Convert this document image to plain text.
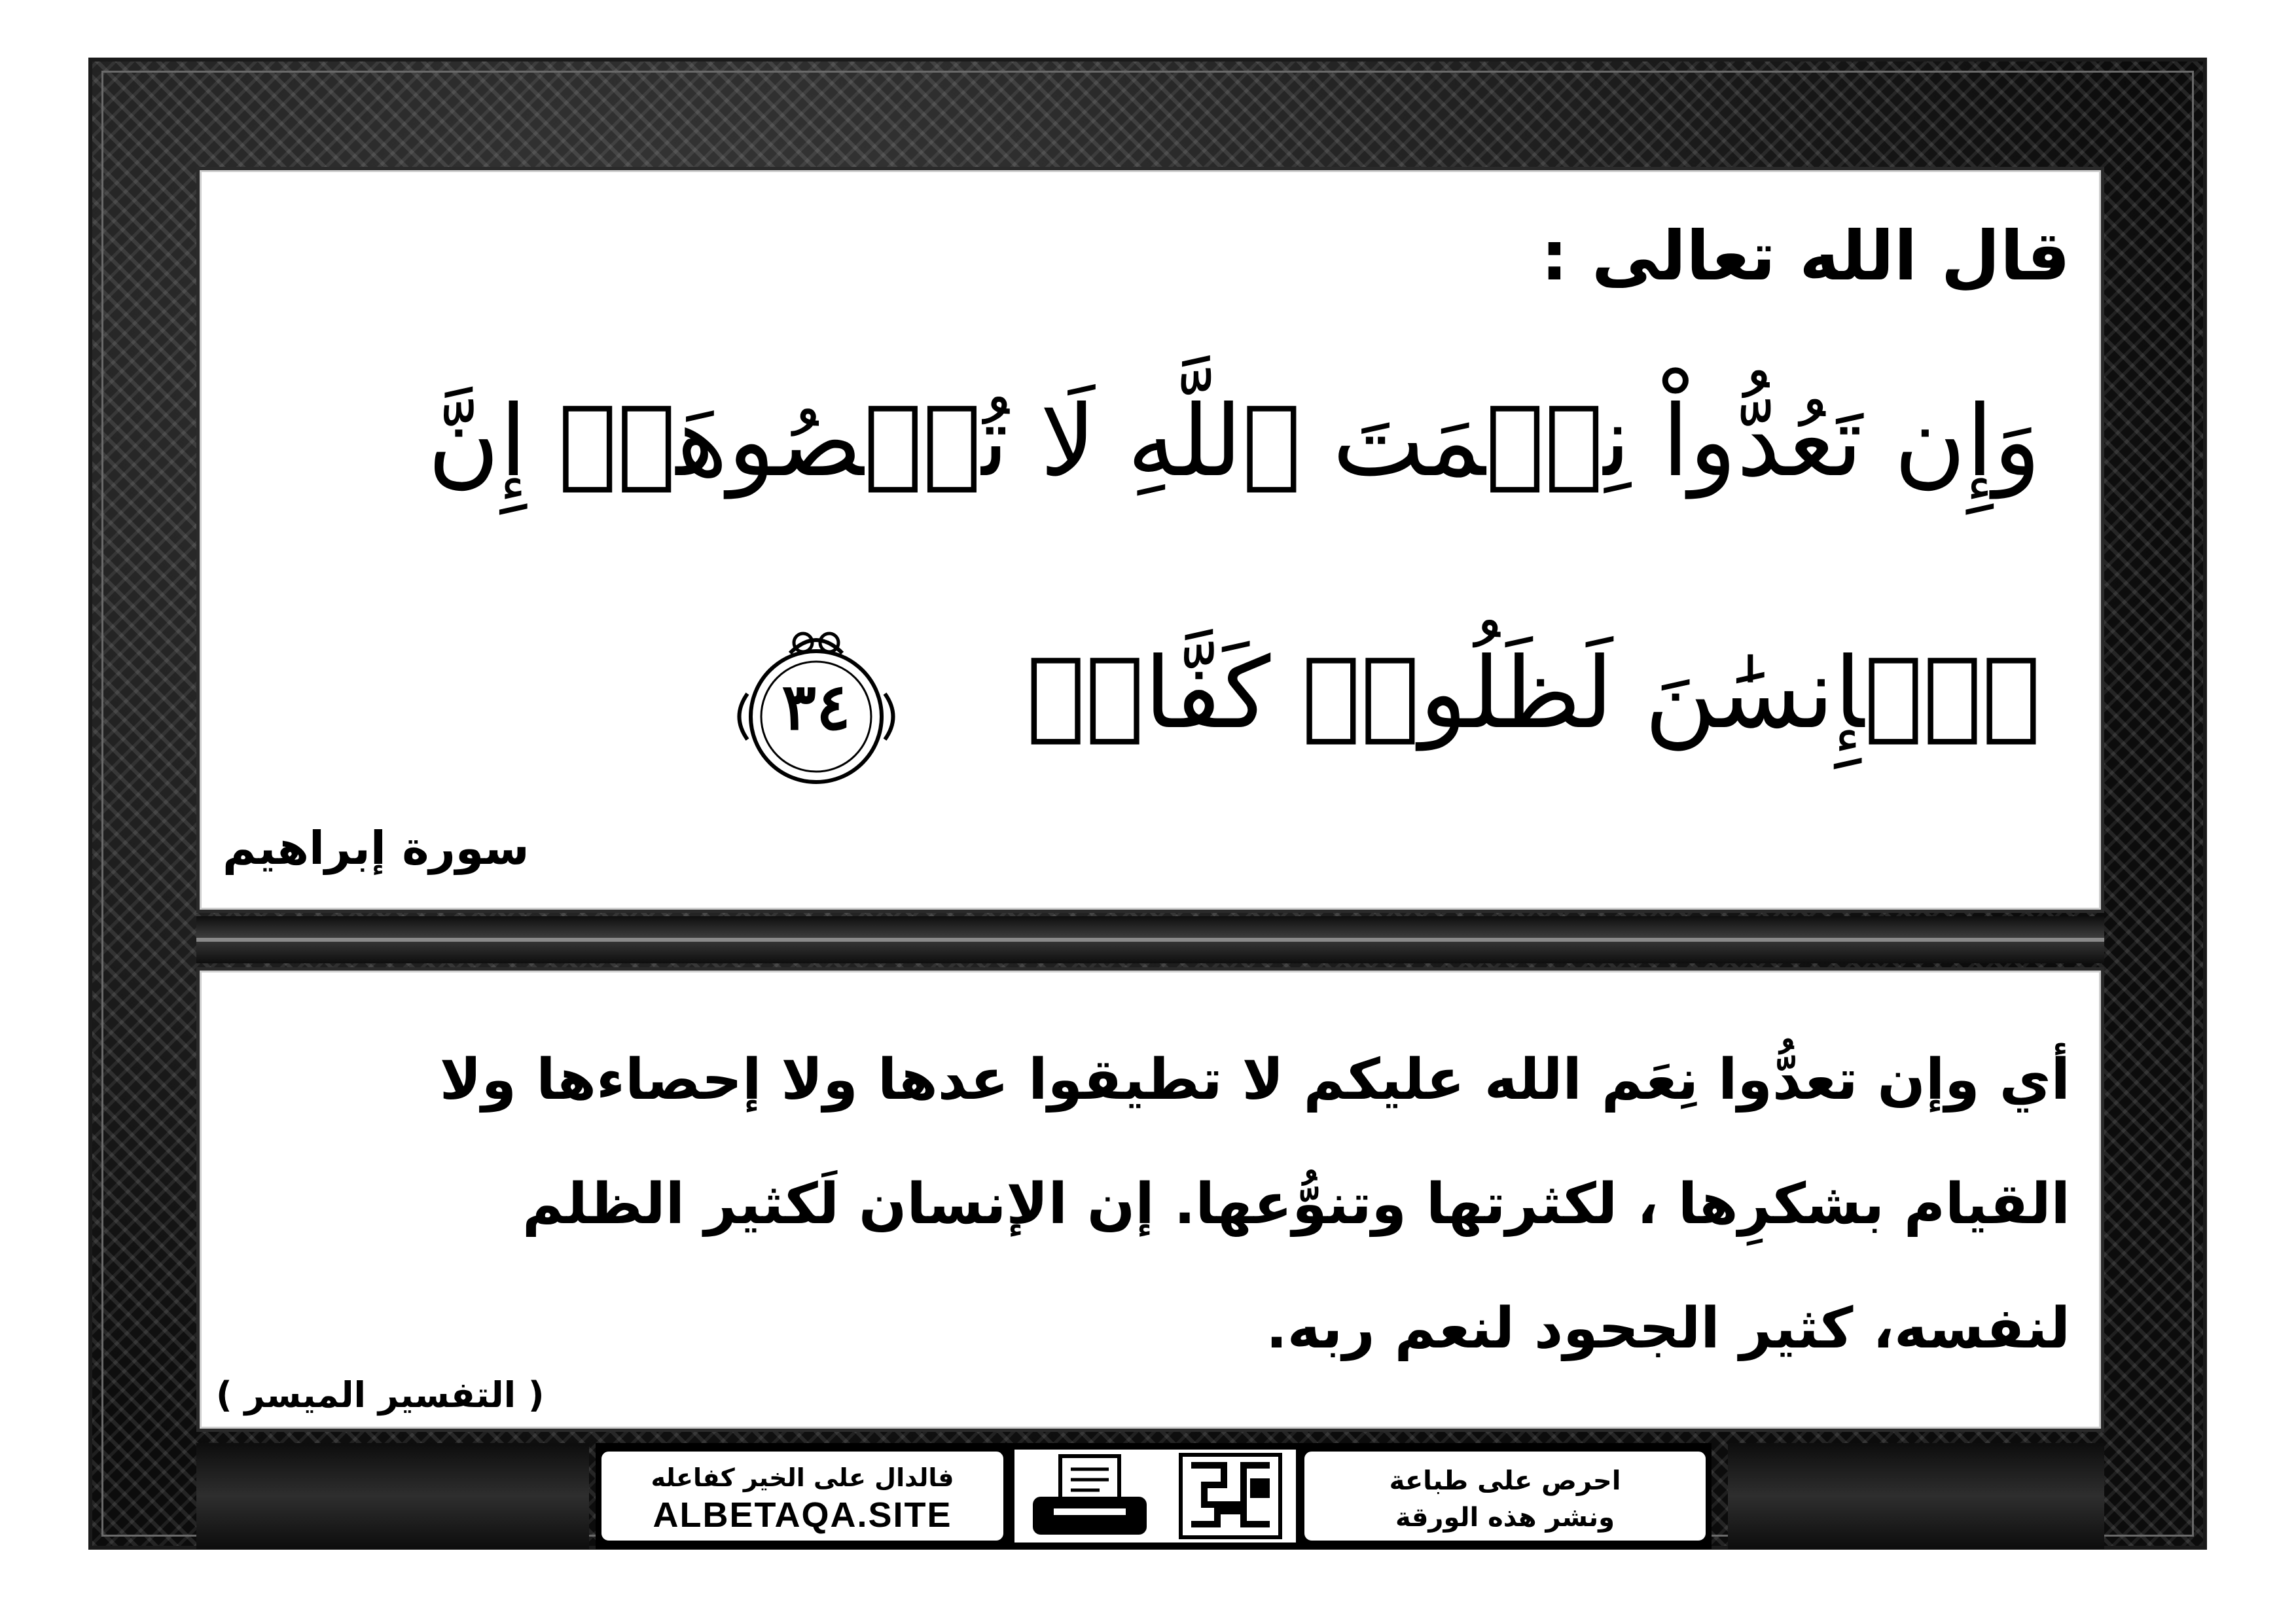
قال الله تعالى :
وَإِن تَعُدُّواْ نِعۡمَتَ ٱللَّهِ لَا تُحۡصُوهَآۗ إِنَّ
ٱلۡإِنسَٰنَ لَظَلُومٞ كَفَّارٞ
٣٤
سورة إبراهيم
أي وإن تعدُّوا نِعَم الله عليكم لا تطيقوا عدها ولا إحصاءها ولا
القيام بشكرِها ، لكثرتها وتنوُّعها. إن الإنسان لَكثير الظلم
لنفسه، كثير الجحود لنعم ربه.
( التفسير الميسر )
فالدال على الخير كفاعله
ALBETAQA.SITE
احرص على طباعة
ونشر هذه الورقة
